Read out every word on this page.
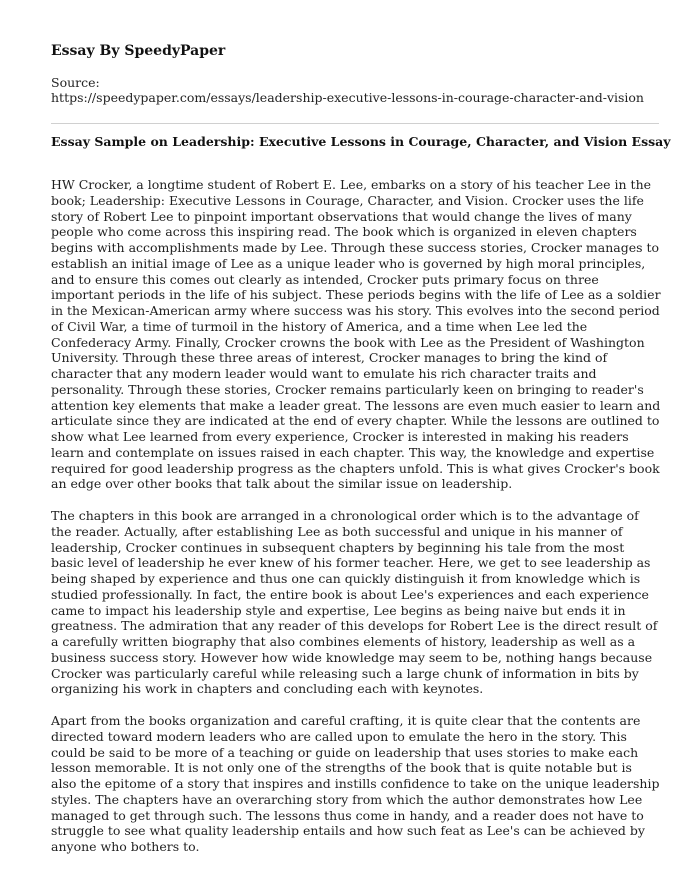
Essay By SpeedyPaper
Source:
https://speedypaper.com/essays/leadership-executive-lessons-in-courage-character-and-vision
Essay Sample on Leadership: Executive Lessons in Courage, Character, and Vision Essay

HW Crocker, a longtime student of Robert E. Lee, embarks on a story of his teacher Lee in the book; Leadership: Executive Lessons in Courage, Character, and Vision. Crocker uses the life story of Robert Lee to pinpoint important observations that would change the lives of many people who come across this inspiring read. The book which is organized in eleven chapters begins with accomplishments made by Lee. Through these success stories, Crocker manages to establish an initial image of Lee as a unique leader who is governed by high moral principles, and to ensure this comes out clearly as intended, Crocker puts primary focus on three important periods in the life of his subject. These periods begins with the life of Lee as a soldier in the Mexican-American army where success was his story. This evolves into the second period of Civil War, a time of turmoil in the history of America, and a time when Lee led the Confederacy Army. Finally, Crocker crowns the book with Lee as the President of Washington University. Through these three areas of interest, Crocker manages to bring the kind of character that any modern leader would want to emulate his rich character traits and personality. Through these stories, Crocker remains particularly keen on bringing to reader's attention key elements that make a leader great. The lessons are even much easier to learn and articulate since they are indicated at the end of every chapter. While the lessons are outlined to show what Lee learned from every experience, Crocker is interested in making his readers learn and contemplate on issues raised in each chapter. This way, the knowledge and expertise required for good leadership progress as the chapters unfold. This is what gives Crocker's book an edge over other books that talk about the similar issue on leadership.

The chapters in this book are arranged in a chronological order which is to the advantage of the reader. Actually, after establishing Lee as both successful and unique in his manner of leadership, Crocker continues in subsequent chapters by beginning his tale from the most basic level of leadership he ever knew of his former teacher. Here, we get to see leadership as being shaped by experience and thus one can quickly distinguish it from knowledge which is studied professionally. In fact, the entire book is about Lee's experiences and each experience came to impact his leadership style and expertise, Lee begins as being naive but ends it in greatness. The admiration that any reader of this develops for Robert Lee is the direct result of a carefully written biography that also combines elements of history, leadership as well as a business success story. However how wide knowledge may seem to be, nothing hangs because Crocker was particularly careful while releasing such a large chunk of information in bits by organizing his work in chapters and concluding each with keynotes.

Apart from the books organization and careful crafting, it is quite clear that the contents are directed toward modern leaders who are called upon to emulate the hero in the story. This could be said to be more of a teaching or guide on leadership that uses stories to make each lesson memorable. It is not only one of the strengths of the book that is quite notable but is also the epitome of a story that inspires and instills confidence to take on the unique leadership styles. The chapters have an overarching story from which the author demonstrates how Lee managed to get through such. The lessons thus come in handy, and a reader does not have to struggle to see what quality leadership entails and how such feat as Lee's can be achieved by anyone who bothers to.
